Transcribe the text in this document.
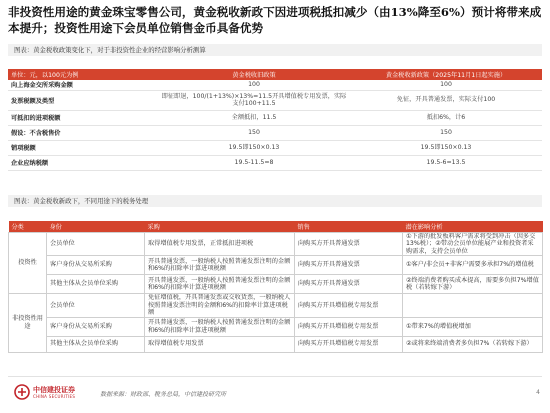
非投资性用途的黄金珠宝零售公司，黄金税收新政下因进项税抵扣减少（由13%降至6%）预计将带来成本提升；投资性用途下会员单位销售金币具备优势
图表：黄金税收政策变化下，对于非投资性企业的经营影响分析测算
单位：元，以100元为例	黄金税收旧政策	黄金税收新政策（2025年11月1日起实施）
向上海金交所采购金额	100	100
发票税额及类型	即征即退，100/(1+13%)×13%=11.5开具增值税专用发票，实际支付100+11.5	免征，开具普通发票，实际支付100
可抵扣的进项税额	全额抵扣，11.5	抵扣6%，计6
假设：不含税售价	150	150
销项税额	19.5即150×0.13	19.5即150×0.13
企业应纳税额	19.5-11.5=8	19.5-6=13.5
图表：黄金税收新政下，不同用途下的税务处理
分类	身份	采购	销售	潜在影响分析
投资性	会员单位	取得增值税专用发票，正常抵扣进项税	向购买方开具普通发票	①下游的批发板料客户需求将受到冲击（因多交13%税）；②带动会员单位能展产业和投资者采购需求，支持会员单位
	客户身份从交易所采购	开具普通发票，一般纳税人按照普通发票注明的金额和6%的扣除率计算进项税额	向购买方开具普通发票	①客户/非会员+非客户需要多承担7%的增值税
	其他主体从会员单位采购	开具普通发票，一般纳税人按照普通发票注明的金额和6%的扣除率计算进项税额	向购买方开具普通发票	②终端消费者购买成本提高，需要多负担7%增值税（若转嫁下游）
非投资性用途	会员单位	免征增值税，开具普通发票或交收货票，一般纳税人按照普通发票注明的金额和6%的扣除率计算进项税额	向购买方开具增值税专用发票	
	客户身份从交易所采购	开具普通发票，一般纳税人按照普通发票注明的金额和6%的扣除率计算进项税额	向购买方开具增值税专用发票	①带来7%的增值税增加
	其他主体从会员单位采购	取得增值税专用发票	向购买方开具增值税专用发票	②或将来终端消费者多负担7%（若转嫁下游）
中信建投证券
CHINA SECURITIES	数据来源：财政部、税务总局，中信建投研究所	4
